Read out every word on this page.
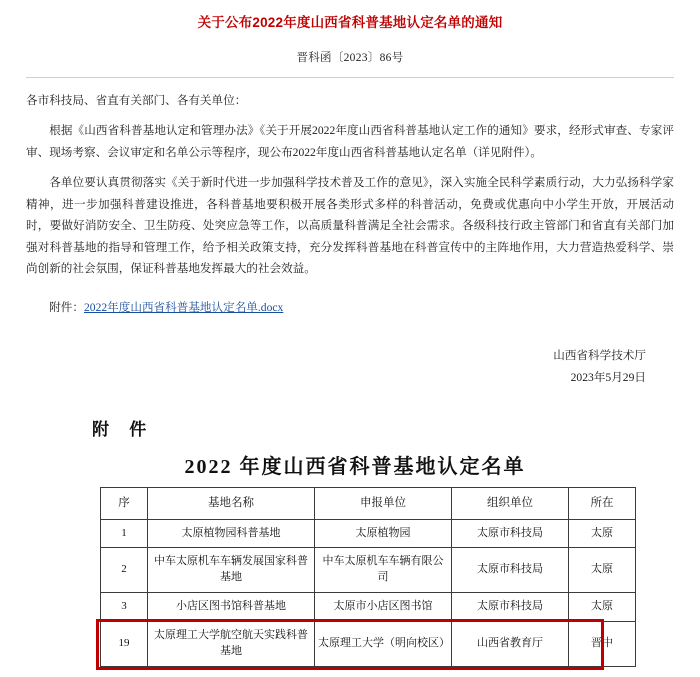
关于公布2022年度山西省科普基地认定名单的通知
晋科函〔2023〕86号

各市科技局、省直有关部门、各有关单位：

根据《山西省科普基地认定和管理办法》《关于开展2022年度山西省科普基地认定工作的通知》要求，经形式审查、专家评审、现场考察、会议审定和名单公示等程序，现公布2022年度山西省科普基地认定名单（详见附件）。

各单位要认真贯彻落实《关于新时代进一步加强科学技术普及工作的意见》，深入实施全民科学素质行动，大力弘扬科学家精神，进一步加强科普建设推进，各科普基地要积极开展各类形式多样的科普活动，免费或优惠向中小学生开放，开展活动时，要做好消防安全、卫生防疫、处突应急等工作，以高质量科普满足全社会需求。各级科技行政主管部门和省直有关部门加强对科普基地的指导和管理工作，给予相关政策支持，充分发挥科普基地在科普宣传中的主阵地作用，大力营造热爱科学、崇尚创新的社会氛围，保证科普基地发挥最大的社会效益。

附件：2022年度山西省科普基地认定名单.docx
山西省科学技术厅
2023年5月29日
附 件
2022 年度山西省科普基地认定名单
序	基地名称	申报单位	组织单位	所在
1	太原植物园科普基地	太原植物园	太原市科技局	太原
2	中车太原机车车辆发展国家科普基地	中车太原机车车辆有限公司	太原市科技局	太原
3	小店区图书馆科普基地	太原市小店区图书馆	太原市科技局	太原
19	太原理工大学航空航天实践科普基地	太原理工大学（明向校区）	山西省教育厅	晋中
